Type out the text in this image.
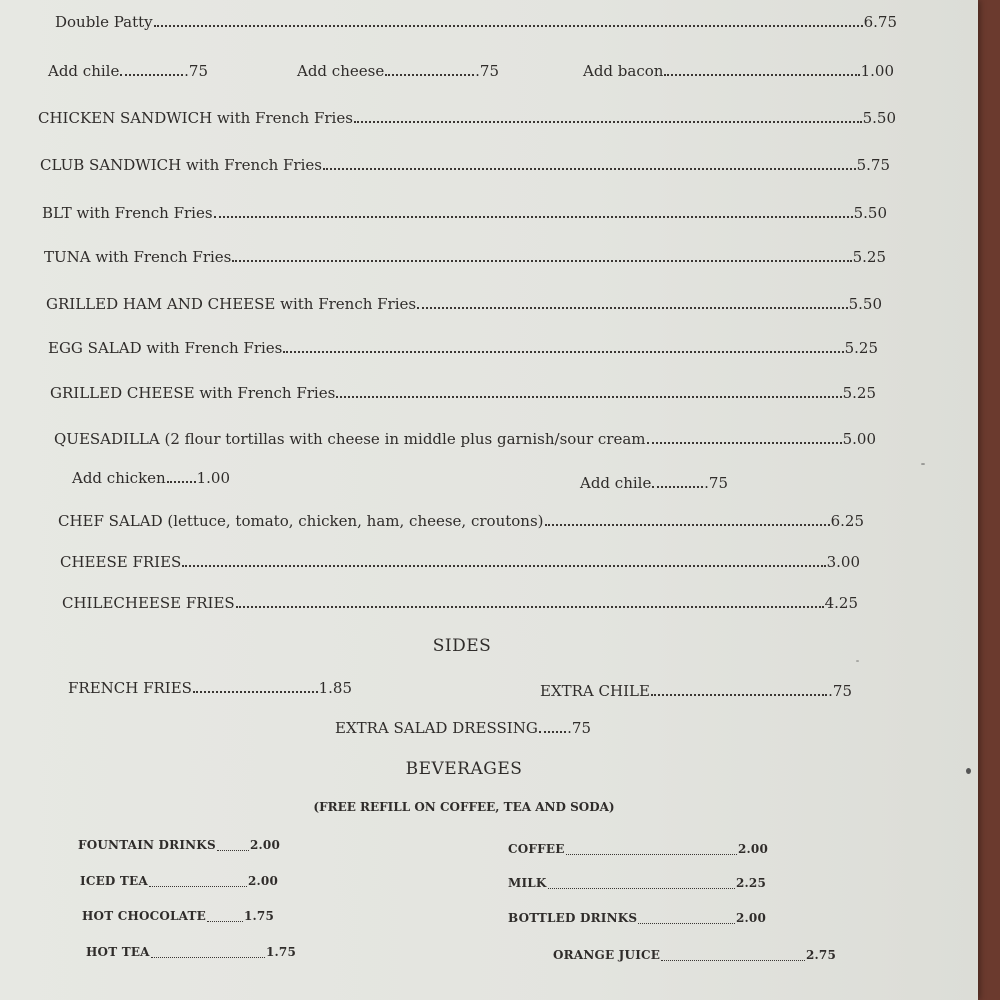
Double Patty	6.75
Add chile	.75	Add cheese	.75	Add bacon	1.00
CHICKEN SANDWICH with French Fries	5.50
CLUB SANDWICH with French Fries	5.75
BLT with French Fries	5.50
TUNA with French Fries	5.25
GRILLED HAM AND CHEESE with French Fries	5.50
EGG SALAD with French Fries	5.25
GRILLED CHEESE with French Fries	5.25
QUESADILLA (2 flour tortillas with cheese in middle plus garnish/sour cream	5.00
Add chicken 1.00	Add chile	.75
CHEF SALAD (lettuce, tomato, chicken, ham, cheese, croutons)	6.25
CHEESE FRIES	3.00
CHILECHEESE FRIES	4.25
SIDES
FRENCH FRIES	1.85	EXTRA CHILE	.75
EXTRA SALAD DRESSING .75
BEVERAGES
(FREE REFILL ON COFFEE, TEA AND SODA)
FOUNTAIN DRINKS	2.00	COFFEE	2.00
ICED TEA	2.00	MILK	2.25
HOT CHOCOLATE	1.75	BOTTLED DRINKS	2.00
HOT TEA	1.75	ORANGE JUICE	2.75
